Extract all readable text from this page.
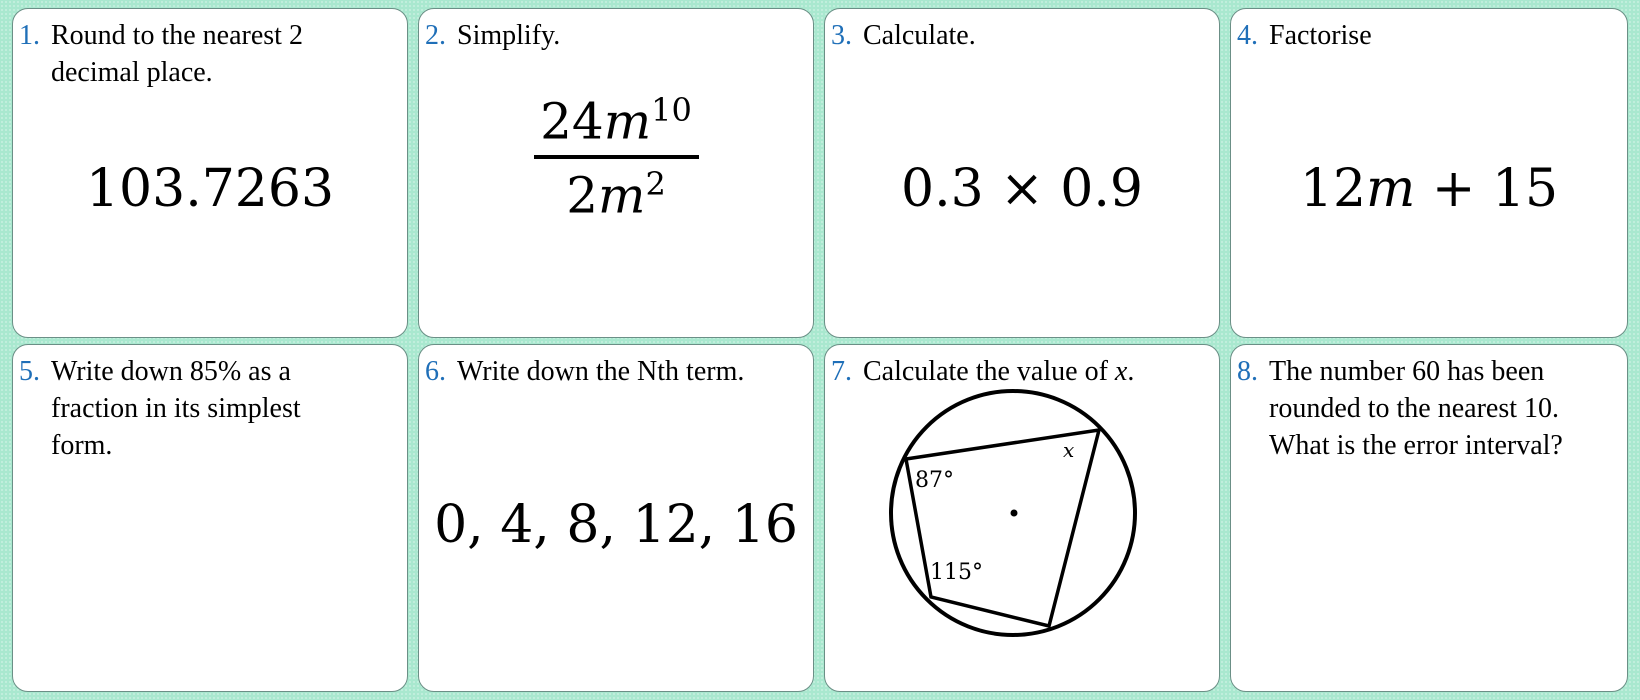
1. Round to the nearest 2 decimal place.
103.7263
2. Simplify.
$24m^{10}$
$2m^2$
3. Calculate.
0.3 × 0.9
4. Factorise
12m + 15
5. Write down 85% as a fraction in its simplest form.
6. Write down the Nth term.
0, 4, 8, 12, 16
7. Calculate the value of x.
87°
115°
x
8. The number 60 has been rounded to the nearest 10. What is the error interval?
